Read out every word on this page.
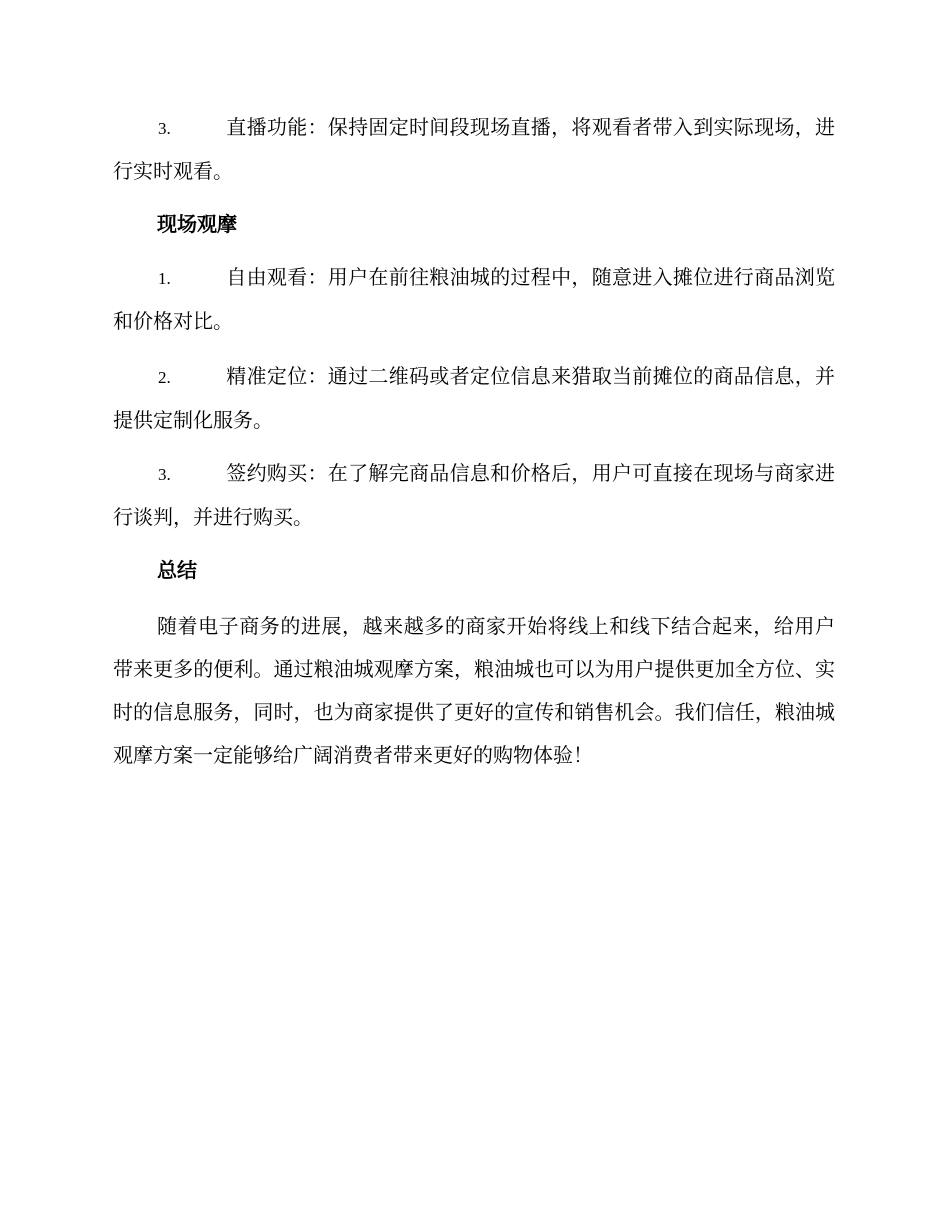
3.	直播功能：保持固定时间段现场直播，将观看者带入到实际现场，进行实时观看。

现场观摩

1.	自由观看：用户在前往粮油城的过程中，随意进入摊位进行商品浏览和价格对比。

2.	精准定位：通过二维码或者定位信息来猎取当前摊位的商品信息，并提供定制化服务。

3.	签约购买：在了解完商品信息和价格后，用户可直接在现场与商家进行谈判，并进行购买。

总结

随着电子商务的进展，越来越多的商家开始将线上和线下结合起来，给用户带来更多的便利。通过粮油城观摩方案，粮油城也可以为用户提供更加全方位、实时的信息服务，同时，也为商家提供了更好的宣传和销售机会。我们信任，粮油城观摩方案一定能够给广阔消费者带来更好的购物体验！
